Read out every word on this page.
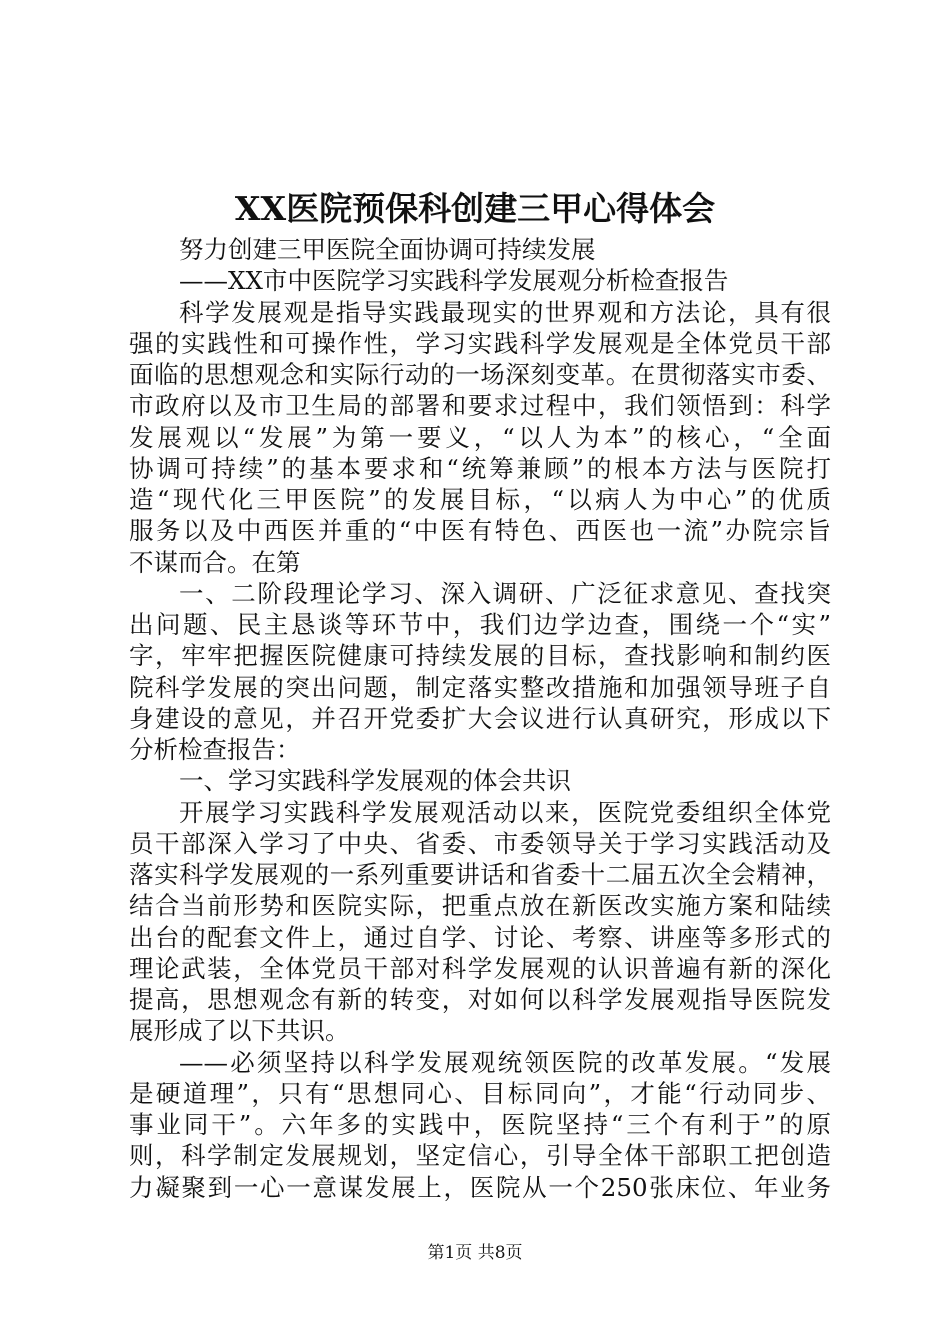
XX医院预保科创建三甲心得体会
努力创建三甲医院全面协调可持续发展
——XX市中医院学习实践科学发展观分析检查报告
科学发展观是指导实践最现实的世界观和方法论，具有很
强的实践性和可操作性，学习实践科学发展观是全体党员干部
面临的思想观念和实际行动的一场深刻变革。在贯彻落实市委、
市政府以及市卫生局的部署和要求过程中，我们领悟到：科学
发展观以“发展”为第一要义，“以人为本”的核心，“全面
协调可持续”的基本要求和“统筹兼顾”的根本方法与医院打
造“现代化三甲医院”的发展目标，“以病人为中心”的优质
服务以及中西医并重的“中医有特色、西医也一流”办院宗旨
不谋而合。在第
一、二阶段理论学习、深入调研、广泛征求意见、查找突
出问题、民主恳谈等环节中，我们边学边查，围绕一个“实”
字，牢牢把握医院健康可持续发展的目标，查找影响和制约医
院科学发展的突出问题，制定落实整改措施和加强领导班子自
身建设的意见，并召开党委扩大会议进行认真研究，形成以下
分析检查报告：
一、学习实践科学发展观的体会共识
开展学习实践科学发展观活动以来，医院党委组织全体党
员干部深入学习了中央、省委、市委领导关于学习实践活动及
落实科学发展观的一系列重要讲话和省委十二届五次全会精神，
结合当前形势和医院实际，把重点放在新医改实施方案和陆续
出台的配套文件上，通过自学、讨论、考察、讲座等多形式的
理论武装，全体党员干部对科学发展观的认识普遍有新的深化
提高，思想观念有新的转变，对如何以科学发展观指导医院发
展形成了以下共识。
——必须坚持以科学发展观统领医院的改革发展。“发展
是硬道理”，只有“思想同心、目标同向”，才能“行动同步、
事业同干”。六年多的实践中，医院坚持“三个有利于”的原
则，科学制定发展规划，坚定信心，引导全体干部职工把创造
力凝聚到一心一意谋发展上，医院从一个250张床位、年业务
第1页 共8页
